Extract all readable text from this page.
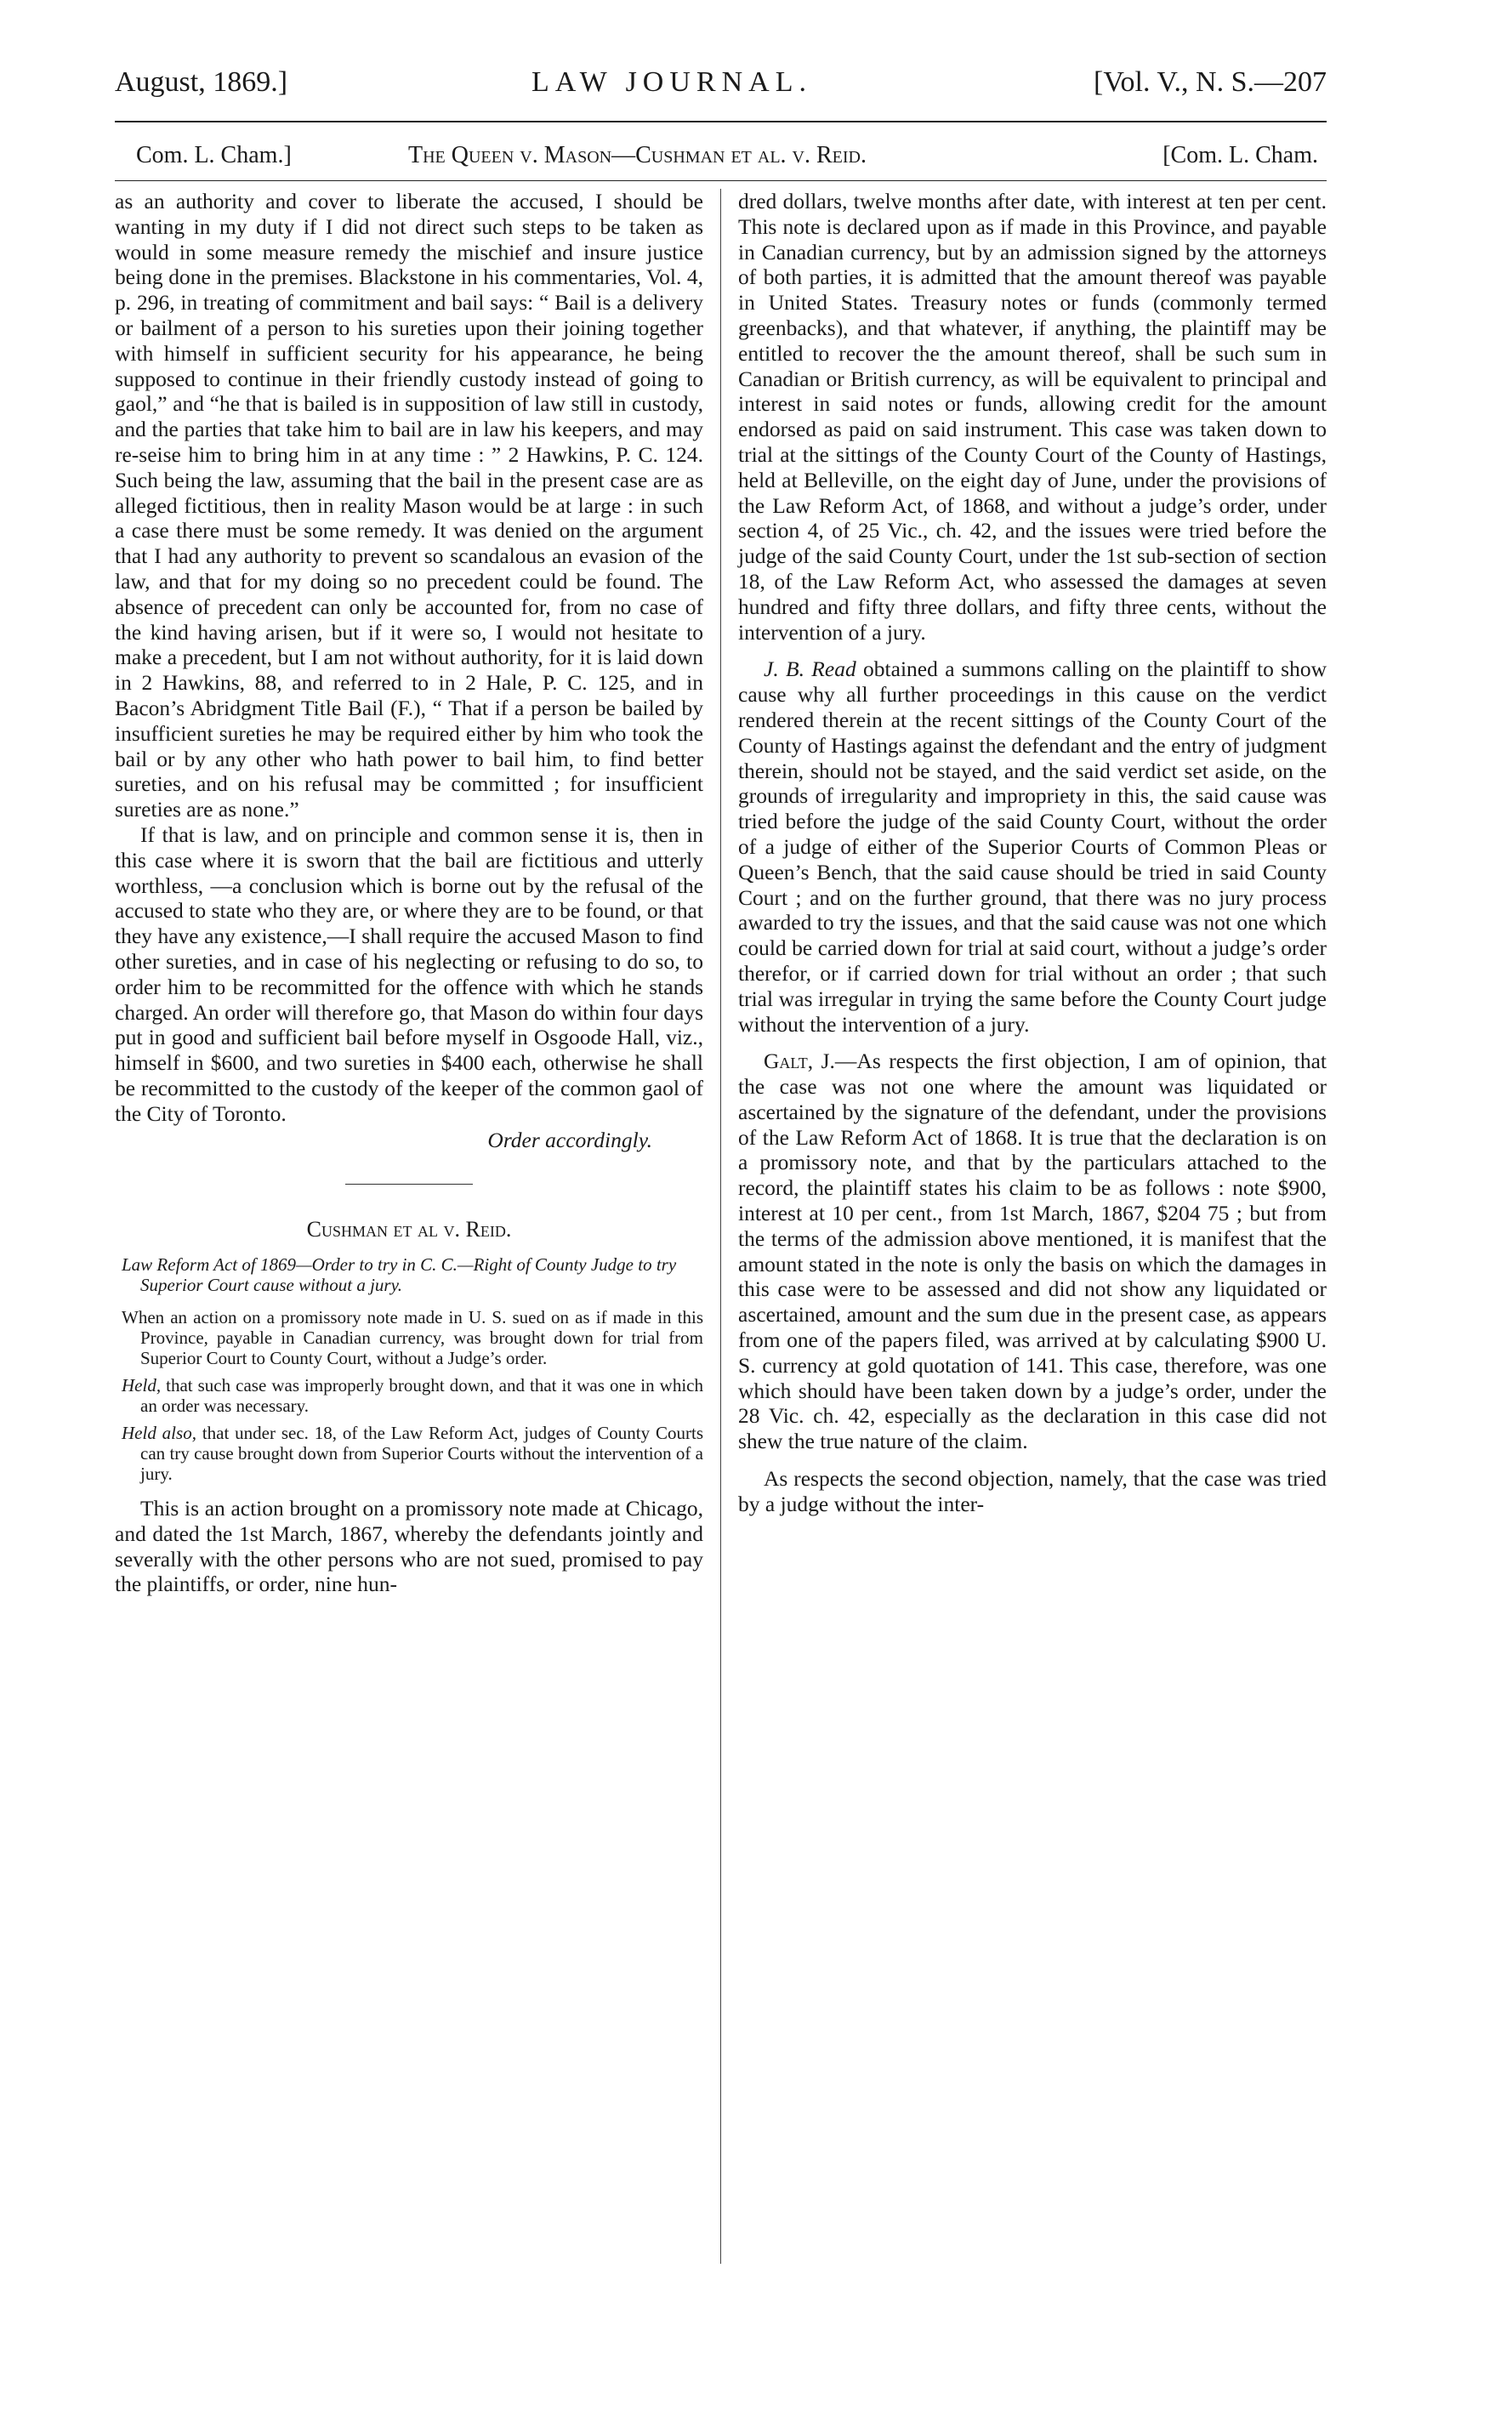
August, 1869.]	LAW JOURNAL.	[Vol. V., N. S.—207
Com. L. Cham.]	The Queen v. Mason—Cushman et al. v. Reid.	[Com. L. Cham.

as an authority and cover to liberate the accused, I should be wanting in my duty if I did not direct such steps to be taken as would in some measure remedy the mischief and insure justice being done in the premises. Blackstone in his commentaries, Vol. 4, p. 296, in treating of commitment and bail says: “ Bail is a delivery or bailment of a person to his sureties upon their joining together with himself in sufficient security for his appearance, he being supposed to continue in their friendly custody instead of going to gaol,” and “he that is bailed is in supposition of law still in custody, and the parties that take him to bail are in law his keepers, and may re-seise him to bring him in at any time : ” 2 Hawkins, P. C. 124. Such being the law, assuming that the bail in the present case are as alleged fictitious, then in reality Mason would be at large : in such a case there must be some remedy. It was denied on the argument that I had any authority to prevent so scandalous an evasion of the law, and that for my doing so no precedent could be found. The absence of precedent can only be accounted for, from no case of the kind having arisen, but if it were so, I would not hesitate to make a precedent, but I am not without authority, for it is laid down in 2 Hawkins, 88, and referred to in 2 Hale, P. C. 125, and in Bacon’s Abridgment Title Bail (F.), “ That if a person be bailed by insufficient sureties he may be required either by him who took the bail or by any other who hath power to bail him, to find better sureties, and on his refusal may be committed ; for insufficient sureties are as none.”

If that is law, and on principle and common sense it is, then in this case where it is sworn that the bail are fictitious and utterly worthless, —a conclusion which is borne out by the refusal of the accused to state who they are, or where they are to be found, or that they have any existence,—I shall require the accused Mason to find other sureties, and in case of his neglecting or refusing to do so, to order him to be recommitted for the offence with which he stands charged. An order will therefore go, that Mason do within four days put in good and sufficient bail before myself in Osgoode Hall, viz., himself in $600, and two sureties in $400 each, otherwise he shall be recommitted to the custody of the keeper of the common gaol of the City of Toronto.

Order accordingly.

Cushman et al v. Reid.

Law Reform Act of 1869—Order to try in C. C.—Right of County Judge to try Superior Court cause without a jury.

When an action on a promissory note made in U. S. sued on as if made in this Province, payable in Canadian currency, was brought down for trial from Superior Court to County Court, without a Judge’s order.

Held, that such case was improperly brought down, and that it was one in which an order was necessary.

Held also, that under sec. 18, of the Law Reform Act, judges of County Courts can try cause brought down from Superior Courts without the intervention of a jury.

This is an action brought on a promissory note made at Chicago, and dated the 1st March, 1867, whereby the defendants jointly and severally with the other persons who are not sued, promised to pay the plaintiffs, or order, nine hun-

dred dollars, twelve months after date, with interest at ten per cent. This note is declared upon as if made in this Province, and payable in Canadian currency, but by an admission signed by the attorneys of both parties, it is admitted that the amount thereof was payable in United States. Treasury notes or funds (commonly termed greenbacks), and that whatever, if anything, the plaintiff may be entitled to recover the the amount thereof, shall be such sum in Canadian or British currency, as will be equivalent to principal and interest in said notes or funds, allowing credit for the amount endorsed as paid on said instrument. This case was taken down to trial at the sittings of the County Court of the County of Hastings, held at Belleville, on the eight day of June, under the provisions of the Law Reform Act, of 1868, and without a judge’s order, under section 4, of 25 Vic., ch. 42, and the issues were tried before the judge of the said County Court, under the 1st sub-section of section 18, of the Law Reform Act, who assessed the damages at seven hundred and fifty three dollars, and fifty three cents, without the intervention of a jury.

J. B. Read obtained a summons calling on the plaintiff to show cause why all further proceedings in this cause on the verdict rendered therein at the recent sittings of the County Court of the County of Hastings against the defendant and the entry of judgment therein, should not be stayed, and the said verdict set aside, on the grounds of irregularity and impropriety in this, the said cause was tried before the judge of the said County Court, without the order of a judge of either of the Superior Courts of Common Pleas or Queen’s Bench, that the said cause should be tried in said County Court ; and on the further ground, that there was no jury process awarded to try the issues, and that the said cause was not one which could be carried down for trial at said court, without a judge’s order therefor, or if carried down for trial without an order ; that such trial was irregular in trying the same before the County Court judge without the intervention of a jury.

Galt, J.—As respects the first objection, I am of opinion, that the case was not one where the amount was liquidated or ascertained by the signature of the defendant, under the provisions of the Law Reform Act of 1868. It is true that the declaration is on a promissory note, and that by the particulars attached to the record, the plaintiff states his claim to be as follows : note $900, interest at 10 per cent., from 1st March, 1867, $204 75 ; but from the terms of the admission above mentioned, it is manifest that the amount stated in the note is only the basis on which the damages in this case were to be assessed and did not show any liquidated or ascertained, amount and the sum due in the present case, as appears from one of the papers filed, was arrived at by calculating $900 U. S. currency at gold quotation of 141. This case, therefore, was one which should have been taken down by a judge’s order, under the 28 Vic. ch. 42, especially as the declaration in this case did not shew the true nature of the claim.

As respects the second objection, namely, that the case was tried by a judge without the inter-
